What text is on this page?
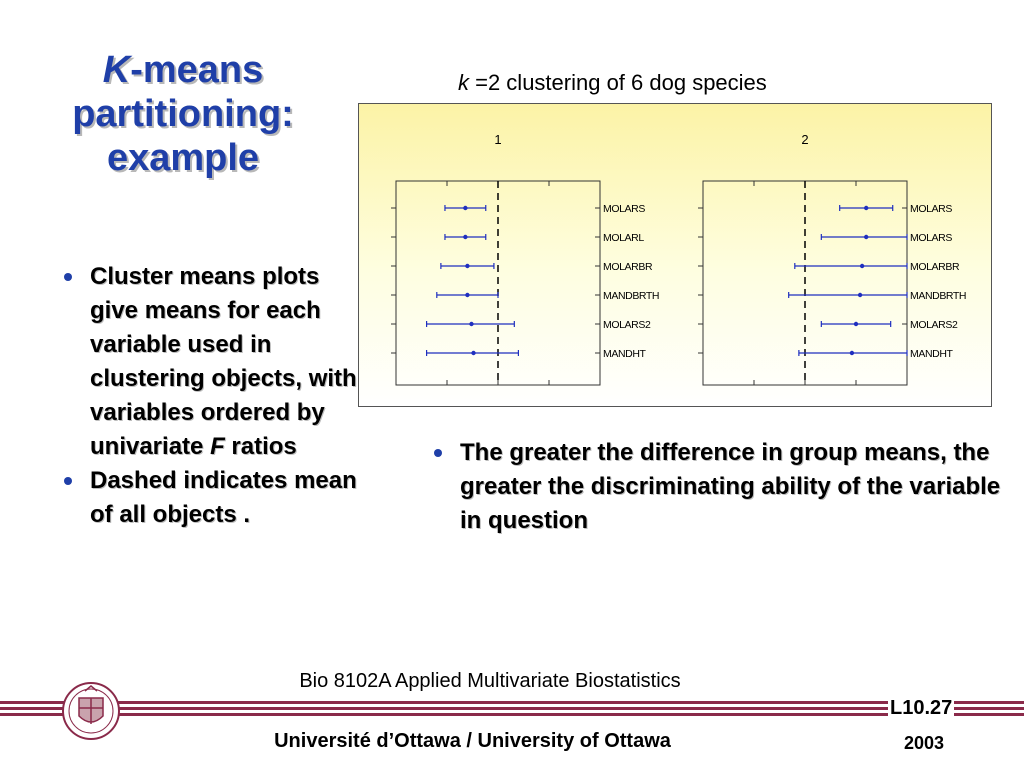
K-means
partitioning:
example
Cluster means plots give means for each variable used in clustering objects, with variables ordered by univariate F ratios
Dashed indicates mean of all objects .
The greater the difference in group means, the greater the discriminating ability of the variable in question
k =2 clustering of 6 dog species
1
MOLARS
MOLARL
MOLARBR
MANDBRTH
MOLARS2
MANDHT
2
MOLARS
MOLARS
MOLARBR
MANDBRTH
MOLARS2
MANDHT
Bio 8102A Applied Multivariate Biostatistics
L10.27
Université d’Ottawa / University of Ottawa	2003
